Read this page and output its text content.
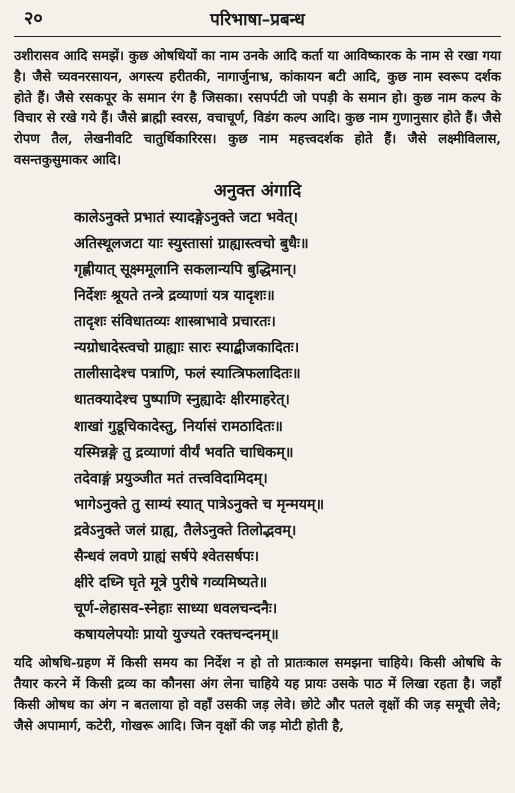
२०	परिभाषा–प्रबन्ध

उशीरासव आदि समझें। कुछ ओषधियों का नाम उनके आदि कर्ता या आविष्कारक के नाम से रखा गया है। जैसे च्यवनरसायन, अगस्त्य हरीतकी, नागार्जुनाभ्र, कांकायन बटी आदि, कुछ नाम स्वरूप दर्शक होते हैं। जैसे रसकपूर के समान रंग है जिसका। रसपर्पटी जो पपड़ी के समान हो। कुछ नाम कल्प के विचार से रखे गये हैं। जैसे ब्राह्मी स्वरस, वचाचूर्ण, विडंग कल्प आदि। कुछ नाम गुणानुसार होते हैं। जैसे रोपण तैल, लेखनीवटि चातुर्थिकारिरस। कुछ नाम महत्त्वदर्शक होते हैं। जैसे लक्ष्मीविलास, वसन्तकुसुमाकर आदि।

अनुक्त अंगादि
कालेऽनुक्ते प्रभातं स्यादङ्गेऽनुक्ते जटा भवेत्।
अतिस्थूलजटा याः स्युस्तासां ग्राह्यास्त्वचो बुधैः॥
गृह्णीयात् सूक्ष्ममूलानि सकलान्यपि बुद्धिमान्।
निर्देशः श्रूयते तन्त्रे द्रव्याणां यत्र यादृशः॥
तादृशः संविधातव्यः शास्त्राभावे प्रचारतः।
न्यग्रोधादेस्त्वचो ग्राह्याः सारः स्याद्बीजकादितः।
तालीसादेश्च पत्राणि, फलं स्यात्त्रिफलादितः॥
धातक्यादेश्च पुष्पाणि स्नुह्यादेः क्षीरमाहरेत्।
शाखां गुडूचिकादेस्तु, निर्यासं रामठादितः॥
यस्मिन्नङ्गे तु द्रव्याणां वीर्यं भवति चाधिकम्॥
तदेवाङ्गं प्रयुञ्जीत मतं तत्त्वविदामिदम्।
भागेऽनुक्ते तु साम्यं स्यात् पात्रेऽनुक्ते च मृन्मयम्॥
द्रवेऽनुक्ते जलं ग्राह्य, तैलेऽनुक्ते तिलोद्भवम्।
सैन्धवं लवणे ग्राह्यं सर्षपे श्वेतसर्षपः।
क्षीरे दध्नि घृते मूत्रे पुरीषे गव्यमिष्यते॥
चूर्ण-लेहासव-स्नेहाः साध्या धवलचन्दनैः।
कषायलेपयोः प्रायो युज्यते रक्तचन्दनम्॥

यदि ओषधि-ग्रहण में किसी समय का निर्देश न हो तो प्रातःकाल समझना चाहिये। किसी ओषधि के तैयार करने में किसी द्रव्य का कौनसा अंग लेना चाहिये यह प्रायः उसके पाठ में लिखा रहता है। जहाँ किसी ओषध का अंग न बतलाया हो वहाँ उसकी जड़ लेवे। छोटे और पतले वृक्षों की जड़ समूची लेवे; जैसे अपामार्ग, कटेरी, गोखरू आदि। जिन वृक्षों की जड़ मोटी होती है,
